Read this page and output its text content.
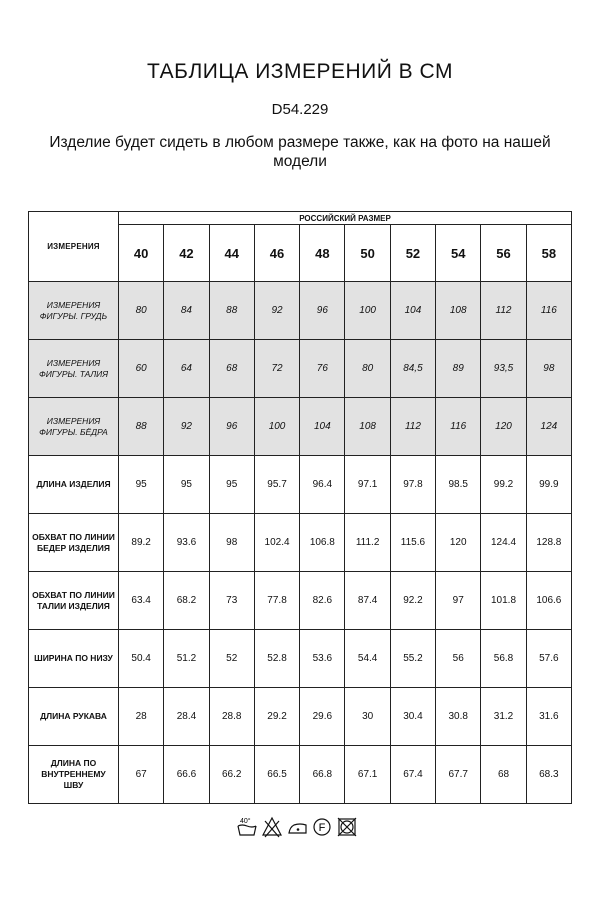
ТАБЛИЦА ИЗМЕРЕНИЙ В СМ
D54.229
Изделие будет сидеть в любом размере также, как на фото на нашей модели
ИЗМЕРЕНИЯ	РОССИЙСКИЙ РАЗМЕР									
	40	42	44	46	48	50	52	54	56	58
ИЗМЕРЕНИЯ ФИГУРЫ. ГРУДЬ	80	84	88	92	96	100	104	108	112	116
ИЗМЕРЕНИЯ ФИГУРЫ. ТАЛИЯ	60	64	68	72	76	80	84,5	89	93,5	98
ИЗМЕРЕНИЯ ФИГУРЫ. БЁДРА	88	92	96	100	104	108	112	116	120	124
ДЛИНА ИЗДЕЛИЯ	95	95	95	95.7	96.4	97.1	97.8	98.5	99.2	99.9
ОБХВАТ ПО ЛИНИИ БЕДЕР ИЗДЕЛИЯ	89.2	93.6	98	102.4	106.8	111.2	115.6	120	124.4	128.8
ОБХВАТ ПО ЛИНИИ ТАЛИИ ИЗДЕЛИЯ	63.4	68.2	73	77.8	82.6	87.4	92.2	97	101.8	106.6
ШИРИНА ПО НИЗУ	50.4	51.2	52	52.8	53.6	54.4	55.2	56	56.8	57.6
ДЛИНА РУКАВА	28	28.4	28.8	29.2	29.6	30	30.4	30.8	31.2	31.6
ДЛИНА ПО ВНУТРЕННЕМУ ШВУ	67	66.6	66.2	66.5	66.8	67.1	67.4	67.7	68	68.3
40°
F
